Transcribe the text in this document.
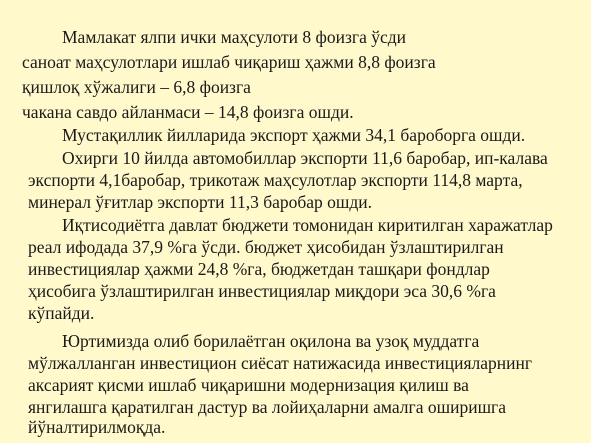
Мамлакат ялпи ички маҳсулоти 8 фоизга ўсди
саноат маҳсулотлари ишлаб чиқариш ҳажми 8,8 фоизга
қишлоқ хўжалиги – 6,8 фоизга
чакана савдо айланмаси – 14,8 фоизга ошди.
Мустақиллик йилларида экспорт ҳажми 34,1 бароборга ошди.
Охирги 10 йилда автомобиллар экспорти 11,6 баробар, ип-калава
экспорти 4,1баробар, трикотаж маҳсулотлар экспорти 114,8 марта,
минерал ўғитлар экспорти 11,3 баробар ошди.
Иқтисодиётга давлат бюджети томонидан киритилган харажатлар
реал ифодада 37,9 %га ўсди. бюджет ҳисобидан ўзлаштирилган
инвестициялар ҳажми 24,8 %га, бюджетдан ташқари фондлар
ҳисобига ўзлаштирилган инвестициялар миқдори эса 30,6 %га
кўпайди.
Юртимизда олиб борилаётган оқилона ва узоқ муддатга
мўлжалланган инвестицион сиёсат натижасида инвестицияларнинг
аксарият қисми ишлаб чиқаришни модернизация қилиш ва
янгилашга қаратилган дастур ва лойиҳаларни амалга оширишга
йўналтирилмоқда.
